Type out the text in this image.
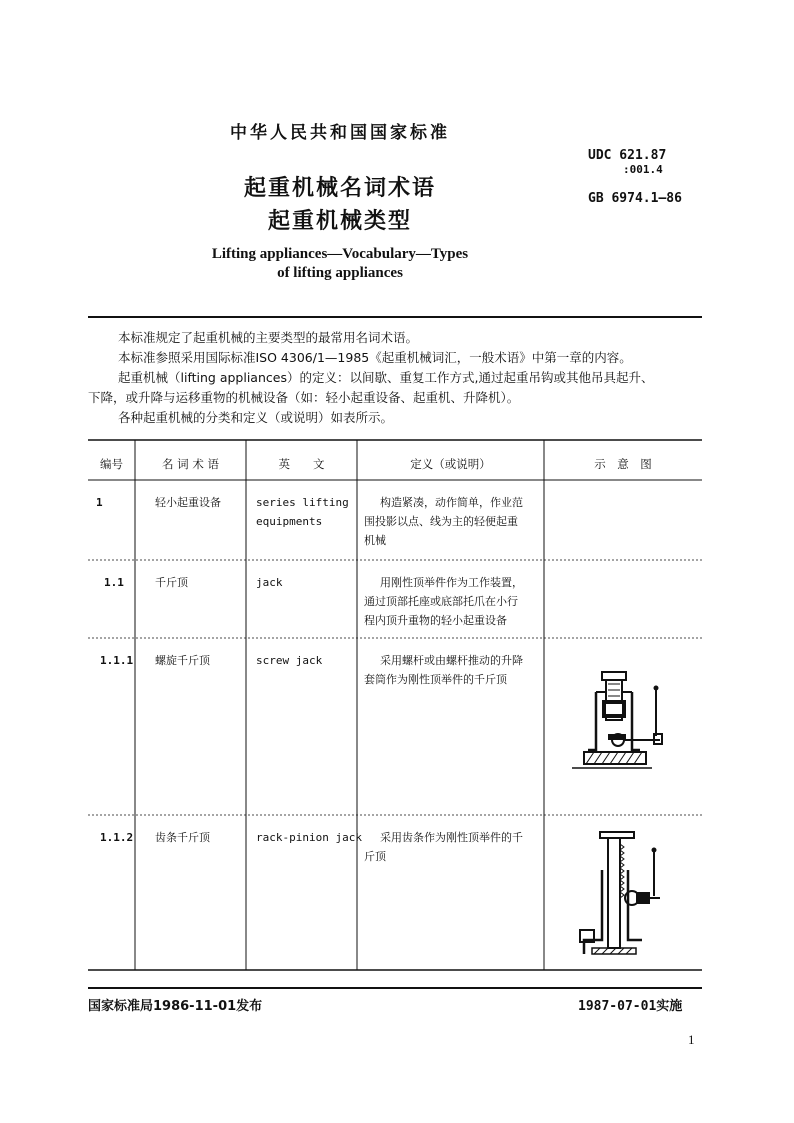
中华人民共和国国家标准
UDC 621.87
:001.4
GB 6974.1—86
起重机械名词术语
起重机械类型
Lifting appliances—Vocabulary—Types
of lifting appliances

本标准规定了起重机械的主要类型的最常用名词术语。

本标准参照采用国际标准ISO 4306/1—1985《起重机械词汇，一般术语》中第一章的内容。

起重机械（lifting appliances）的定义：以间歇、重复工作方式,通过起重吊钩或其他吊具起升、

下降，或升降与运移重物的机械设备（如：轻小起重设备、起重机、升降机）。

各种起重机械的分类和定义（或说明）如表所示。

编号	名 词 术 语	英　　文	定义（或说明）	示　意　图
1	轻小起重设备	series lifting
equipments
构造紧凑，动作简单，作业范
围投影以点、线为主的轻便起重
机械
1.1	千斤顶	jack	用刚性顶举件作为工作装置，
通过顶部托座或底部托爪在小行
程内顶升重物的轻小起重设备
1.1.1 螺旋千斤顶	screw jack	采用螺杆或由螺杆推动的升降
套筒作为刚性顶举件的千斤顶
1.1.2 齿条千斤顶	rack-pinion jack	采用齿条作为刚性顶举件的千
斤顶
国家标准局1986-11-01发布	1987-07-01实施
1
